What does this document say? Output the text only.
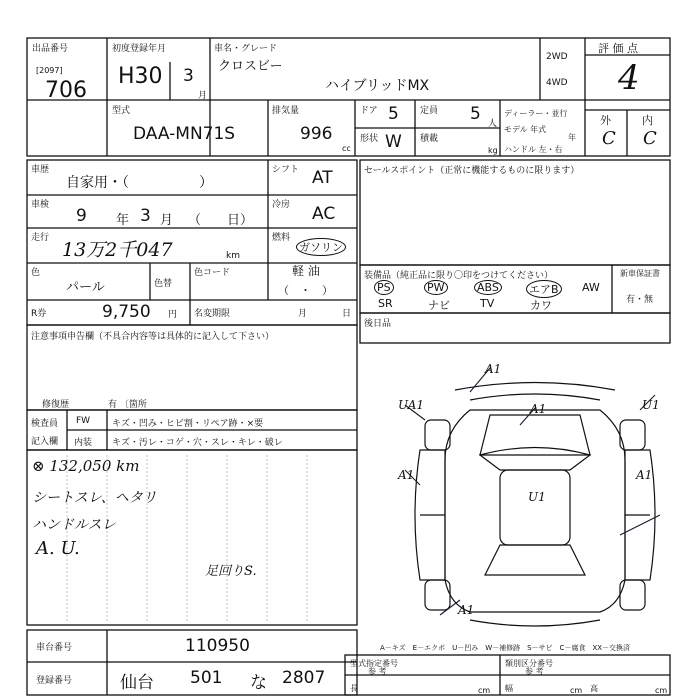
出品番号
[2097]
706
初度登録年月
H30 3
月
車名・グレード
クロスビー
ハイブリッドMX
2WD
4WD
評 価 点
4
型式
DAA-MN71S
排気量
996
cc
ドア 5
形状 W
定員 5 人
積載
kg
ディーラー・並行
モデル 年式
年
ハンドル 左・右
外	内
C C
車歴
自家用・（　　　　　）
シフト AT
車検
9 年 3 月 （　　日）
冷房 AC
走行
13万2千047	km
燃料
ガソリン
軽 油
（　・　）
色
パール	色替
色コード
R券	9,750 円 名変期限	月	日
セールスポイント（正常に機能するものに限ります）
装備品（純正品に限り〇印をつけてください）	新車保証書
有・無
PS	PW	ABS	エアB AW
SR	ナビ	TV	カワ
後日品
注意事項申告欄（不具合内容等は具体的に記入して下さい）
修復歴	有 〔箇所
検査員
記入欄
FW キズ・凹み・ヒビ割・リペア跡・×要
内装 キズ・汚レ・コゲ・穴・スレ・キレ・破レ
⊗ 132,050 km
シートスレ、ヘタリ
ハンドルスレ
A. U.
足回りS.
A1
UA1	A1	U1
A1	A1
U1
A1
A－キズ　E－エクボ　U－凹み　W－補修跡　S－サビ　C－腐食　XX－交換済
車台番号	110950
登録番号	仙台 501 な 2807
型式指定番号
参 考
類別区分番号
参 考
長	cm 幅	cm 高	cm
